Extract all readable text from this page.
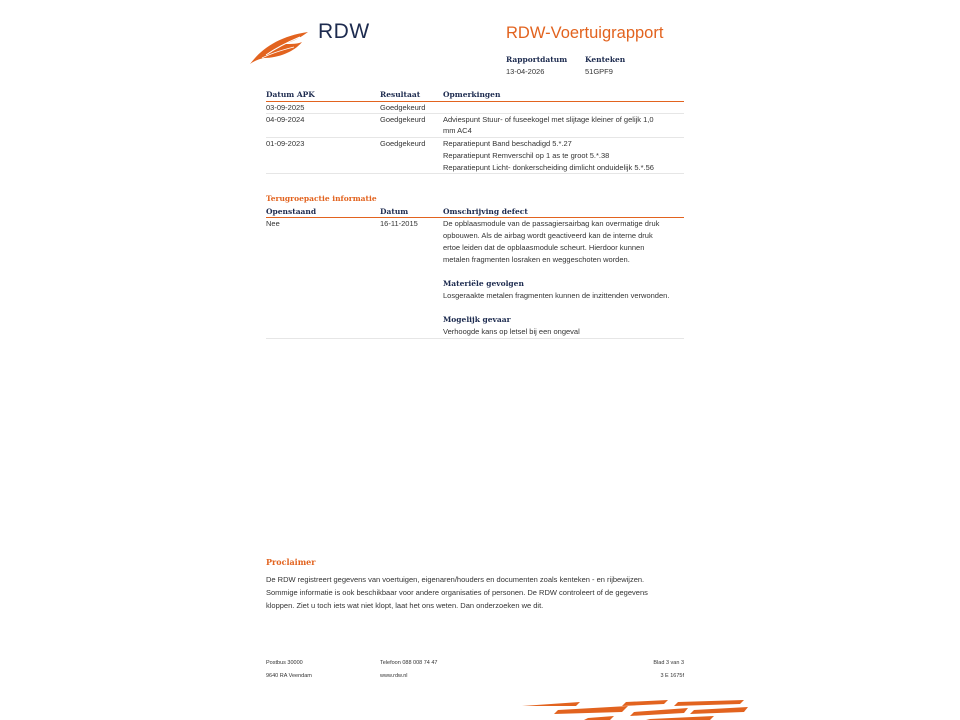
RDW	RDW-Voertuigrapport
Rapportdatum
13-04-2026
Kenteken
51GPF9
Datum APK	Resultaat	Opmerkingen
03-09-2025	Goedgekeurd
04-09-2024	Goedgekeurd Adviespunt Stuur- of fuseekogel met slijtage kleiner of gelijk 1,0
mm AC4
01-09-2023	Goedgekeurd Reparatiepunt Band beschadigd 5.*.27
Reparatiepunt Remverschil op 1 as te groot 5.*.38
Reparatiepunt Licht- donkerscheiding dimlicht onduidelijk 5.*.56
Terugroepactie informatie
Openstaand	Datum	Omschrijving defect
Nee	16-11-2015	De opblaasmodule van de passagiersairbag kan overmatige druk
opbouwen. Als de airbag wordt geactiveerd kan de interne druk
ertoe leiden dat de opblaasmodule scheurt. Hierdoor kunnen
metalen fragmenten losraken en weggeschoten worden.
Materiële gevolgen
Losgeraakte metalen fragmenten kunnen de inzittenden verwonden.
Mogelijk gevaar
Verhoogde kans op letsel bij een ongeval
Proclaimer
De RDW registreert gegevens van voertuigen, eigenaren/houders en documenten zoals kenteken - en rijbewijzen.
Sommige informatie is ook beschikbaar voor andere organisaties of personen. De RDW controleert of de gegevens
kloppen. Ziet u toch iets wat niet klopt, laat het ons weten. Dan onderzoeken we dit.
Postbus 30000
9640 RA Veendam
Telefoon 088 008 74 47
www.rdw.nl
Blad 3 van 3
3 E 1675f
